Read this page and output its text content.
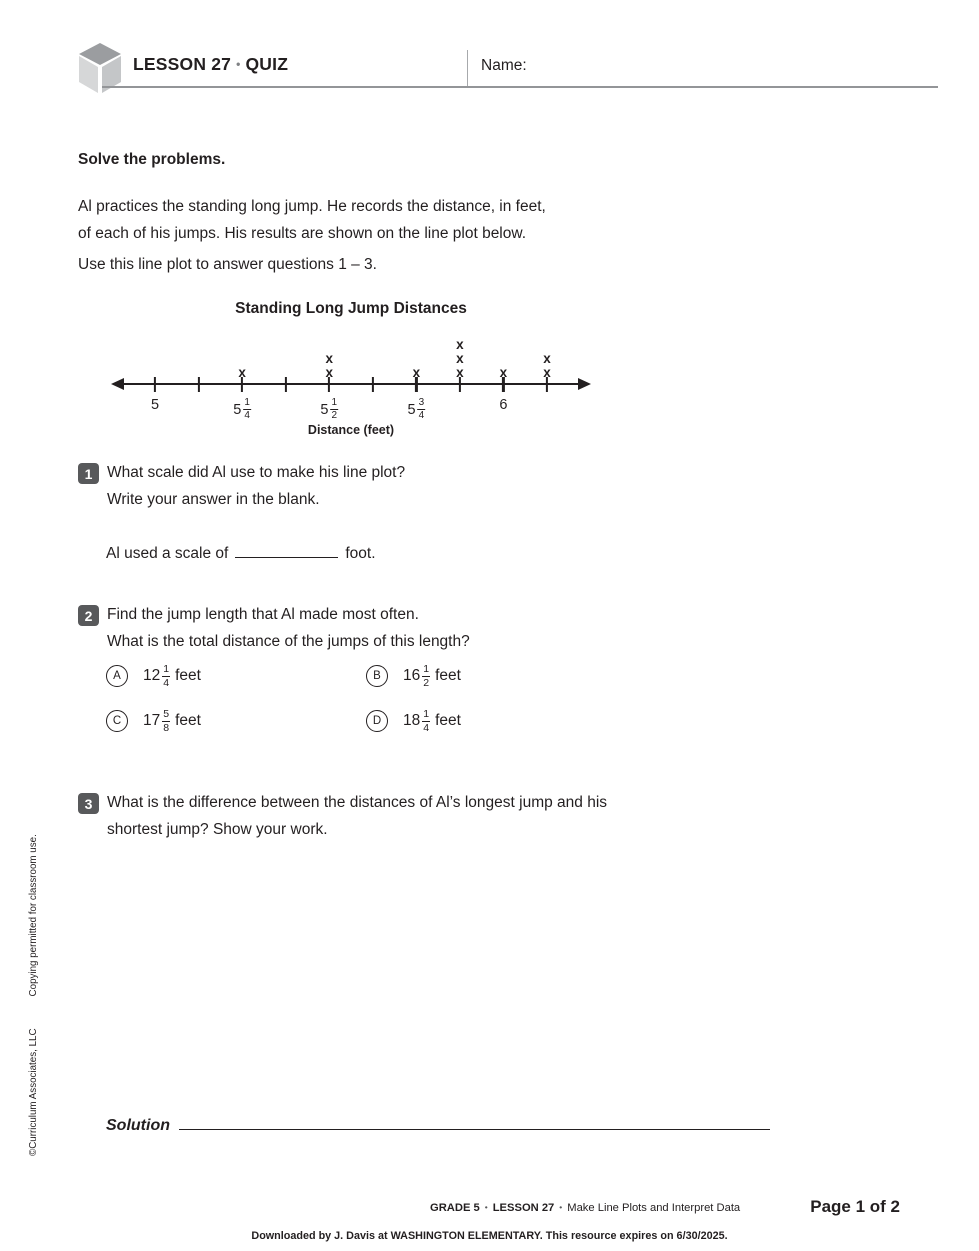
©Curriculum Associates, LLCCopying permitted for classroom use.
LESSON 27 • QUIZ	Name:
Solve the problems.
Al practices the standing long jump. He records the distance, in feet,
of each of his jumps. His results are shown on the line plot below.
Use this line plot to answer questions 1 – 3.
Standing Long Jump Distances
Distance (feet)
5
x
$5 \frac{1}{4}$
x
x
$5 \frac{1}{2}$
x
$5 \frac{3}{4}$
x
x
x	x
6
x
x
1 What scale did Al use to make his line plot?
Write your answer in the blank.
Al used a scale of	foot.
2 Find the jump length that Al made most often.
What is the total distance of the jumps of this length?
A	$12 \frac{1}{4}$ feet	B	$16 \frac{1}{2}$ feet
C	$17 \frac{5}{8}$ feet	D	$18 \frac{1}{4}$ feet
3 What is the difference between the distances of Al’s longest jump and his
shortest jump? Show your work.
Solution
GRADE 5 • LESSON 27 • Make Line Plots and Interpret Data	Page 1 of 2
Downloaded by J. Davis at WASHINGTON ELEMENTARY. This resource expires on 6/30/2025.
